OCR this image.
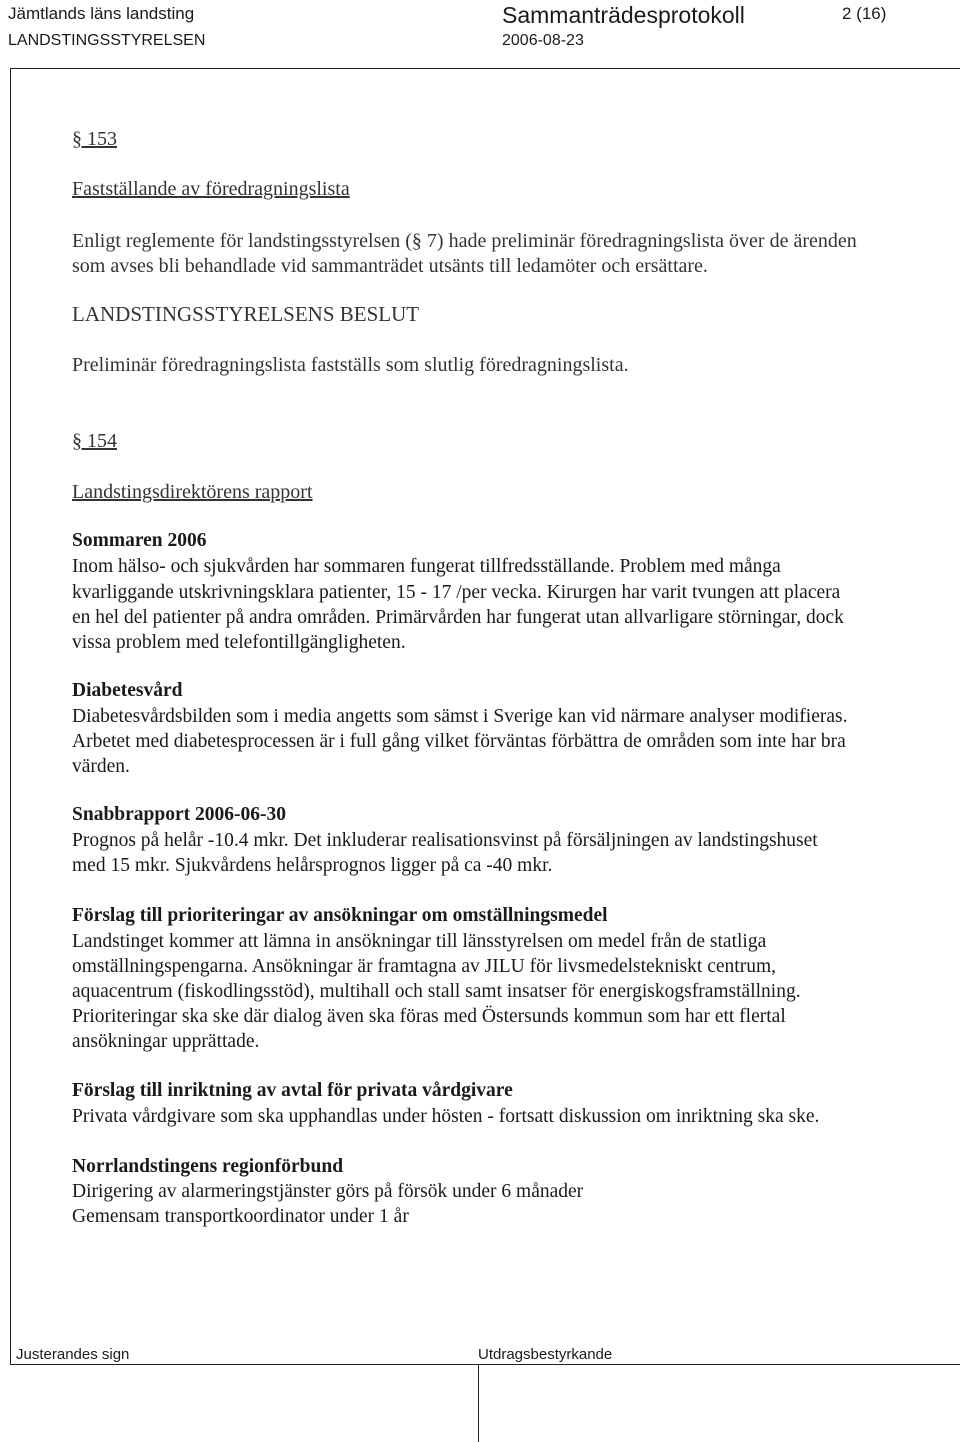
Jämtlands läns landsting	Sammanträdesprotokoll	2 (16)
LANDSTINGSSTYRELSEN	2006-08-23
§ 153
Fastställande av föredragningslista
Enligt reglemente för landstingsstyrelsen (§ 7) hade preliminär föredragningslista över de ärenden
som avses bli behandlade vid sammanträdet utsänts till ledamöter och ersättare.
LANDSTINGSSTYRELSENS BESLUT
Preliminär föredragningslista fastställs som slutlig föredragningslista.
§ 154
Landstingsdirektörens rapport
Sommaren 2006
Inom hälso- och sjukvården har sommaren fungerat tillfredsställande. Problem med många
kvarliggande utskrivningsklara patienter, 15 - 17 /per vecka. Kirurgen har varit tvungen att placera
en hel del patienter på andra områden. Primärvården har fungerat utan allvarligare störningar, dock
vissa problem med telefontillgängligheten.
Diabetesvård
Diabetesvårdsbilden som i media angetts som sämst i Sverige kan vid närmare analyser modifieras.
Arbetet med diabetesprocessen är i full gång vilket förväntas förbättra de områden som inte har bra
värden.
Snabbrapport 2006-06-30
Prognos på helår -10.4 mkr. Det inkluderar realisationsvinst på försäljningen av landstingshuset
med 15 mkr. Sjukvårdens helårsprognos ligger på ca -40 mkr.
Förslag till prioriteringar av ansökningar om omställningsmedel
Landstinget kommer att lämna in ansökningar till länsstyrelsen om medel från de statliga
omställningspengarna. Ansökningar är framtagna av JILU för livsmedelstekniskt centrum,
aquacentrum (fiskodlingsstöd), multihall och stall samt insatser för energiskogsframställning.
Prioriteringar ska ske där dialog även ska föras med Östersunds kommun som har ett flertal
ansökningar upprättade.
Förslag till inriktning av avtal för privata vårdgivare
Privata vårdgivare som ska upphandlas under hösten - fortsatt diskussion om inriktning ska ske.
Norrlandstingens regionförbund
Dirigering av alarmeringstjänster görs på försök under 6 månader
Gemensam transportkoordinator under 1 år
Justerandes sign	Utdragsbestyrkande
